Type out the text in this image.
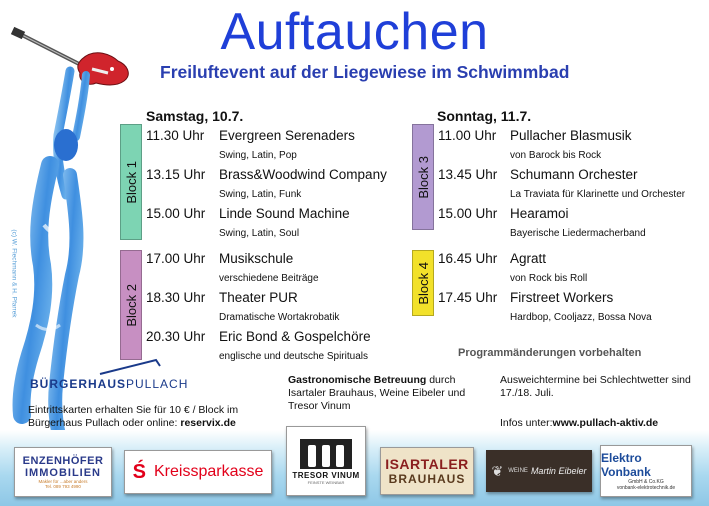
Auftauchen
Freiluftevent auf der Liegewiese im Schwimmbad
(c) W. Flechmann & H. Pfarrek
Samstag, 10.7.
Block 1
Block 2
11.30 Uhr Evergreen Serenaders
Swing, Latin, Pop
13.15 Uhr Brass&Woodwind Company
Swing, Latin, Funk
15.00 Uhr Linde Sound Machine
Swing, Latin, Soul
17.00 Uhr Musikschule
verschiedene Beiträge
18.30 Uhr Theater PUR
Dramatische Wortakrobatik
20.30 Uhr Eric Bond & Gospelchöre
englische und deutsche Spirituals
Sonntag, 11.7.
Block 3
Block 4
11.00 Uhr Pullacher Blasmusik
von Barock bis Rock
13.45 Uhr Schumann Orchester
La Traviata für Klarinette und Orchester
15.00 Uhr Hearamoi
Bayerische Liedermacherband
16.45 Uhr Agratt
von Rock bis Roll
17.45 Uhr Firstreet Workers
Hardbop, Cooljazz, Bossa Nova
Programmänderungen vorbehalten
BÜRGERHAUSPULLACH
Eintrittskarten erhalten Sie für 10 € / Block im Bürgerhaus Pullach oder online: reservix.de
Gastronomische Betreuung durch Isartaler Brauhaus, Weine Eibeler und Tresor Vinum
Ausweichtermine bei Schlechtwetter sind 17./18. Juli.
Infos unter:www.pullach-aktiv.de
ENZENHÖFER
IMMOBILIEN
Makler für ...aber anders
Tel. 089 793 4990
Ś Kreissparkasse	TRESOR VINUM
FEINSTE WEINBAR
ISARTALER
BRAUHAUS
❦ WEINE Martin Eibeler
Elektro Vonbank
GmbH & Co.KG
vonbank-elektrotechnik.de
